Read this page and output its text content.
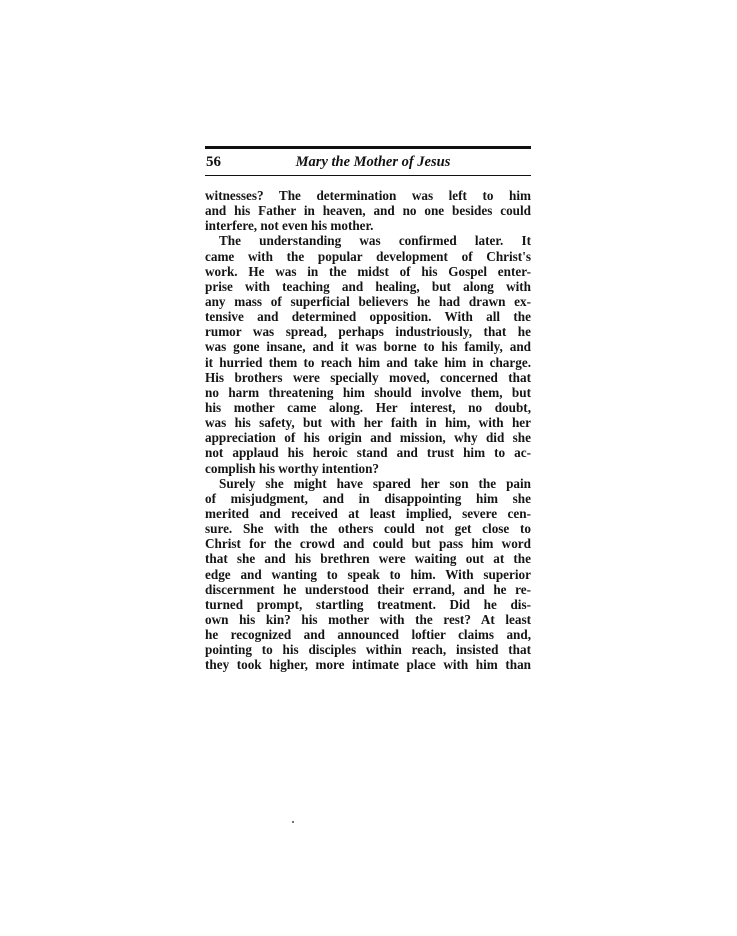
56	Mary the Mother of Jesus
witnesses? The determination was left to him
and his Father in heaven, and no one besides could
interfere, not even his mother.
The understanding was confirmed later. It
came with the popular development of Christ's
work. He was in the midst of his Gospel enter-
prise with teaching and healing, but along with
any mass of superficial believers he had drawn ex-
tensive and determined opposition. With all the
rumor was spread, perhaps industriously, that he
was gone insane, and it was borne to his family, and
it hurried them to reach him and take him in charge.
His brothers were specially moved, concerned that
no harm threatening him should involve them, but
his mother came along. Her interest, no doubt,
was his safety, but with her faith in him, with her
appreciation of his origin and mission, why did she
not applaud his heroic stand and trust him to ac-
complish his worthy intention?
Surely she might have spared her son the pain
of misjudgment, and in disappointing him she
merited and received at least implied, severe cen-
sure. She with the others could not get close to
Christ for the crowd and could but pass him word
that she and his brethren were waiting out at the
edge and wanting to speak to him. With superior
discernment he understood their errand, and he re-
turned prompt, startling treatment. Did he dis-
own his kin? his mother with the rest? At least
he recognized and announced loftier claims and,
pointing to his disciples within reach, insisted that
they took higher, more intimate place with him than
